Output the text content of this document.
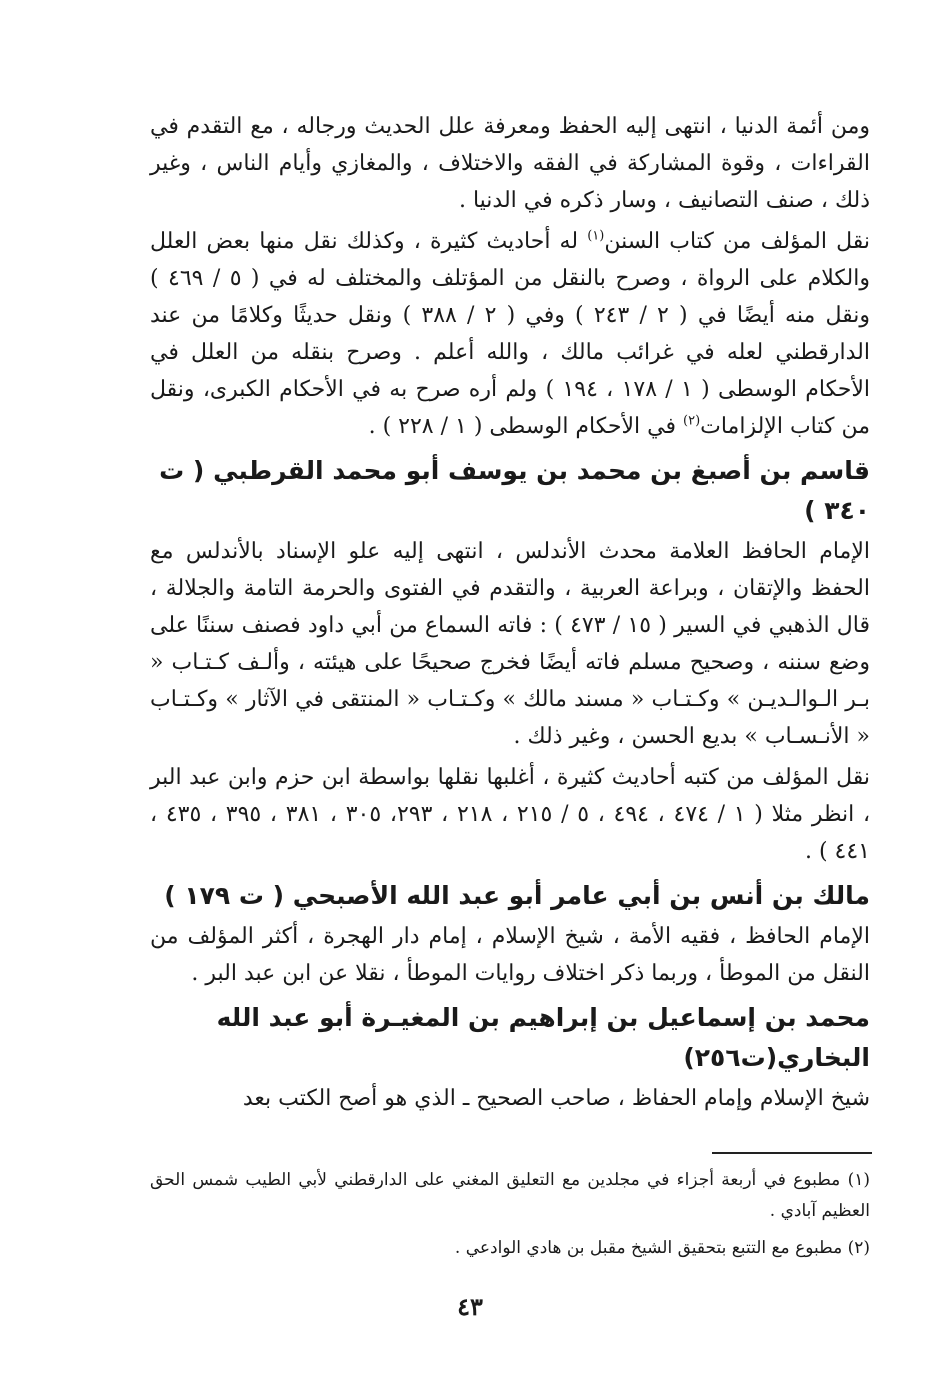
ومن أئمة الدنيا ، انتهى إليه الحفظ ومعرفة علل الحديث ورجاله ، مع التقدم في القراءات ، وقوة المشاركة في الفقه والاختلاف ، والمغازي وأيام الناس ، وغير ذلك ، صنف التصانيف ، وسار ذكره في الدنيا .

نقل المؤلف من كتاب السنن$^{(١)}$ له أحاديث كثيرة ، وكذلك نقل منها بعض العلل والكلام على الرواة ، وصرح بالنقل من المؤتلف والمختلف له في ( ٥ / ٤٦٩ ) ونقل منه أيضًا في ( ٢ / ٢٤٣ ) وفي ( ٢ / ٣٨٨ ) ونقل حديثًا وكلامًا من عند الدارقطني لعله في غرائب مالك ، والله أعلم . وصرح بنقله من العلل في الأحكام الوسطى ( ١ / ١٧٨ ، ١٩٤ ) ولم أره صرح به في الأحكام الكبرى، ونقل من كتاب الإلزامات$^{(٢)}$ في الأحكام الوسطى ( ١ / ٢٢٨ ) .

قاسم بن أصبغ بن محمد بن يوسف أبو محمد القرطبي ( ت ٣٤٠ )

الإمام الحافظ العلامة محدث الأندلس ، انتهى إليه علو الإسناد بالأندلس مع الحفظ والإتقان ، وبراعة العربية ، والتقدم في الفتوى والحرمة التامة والجلالة ، قال الذهبي في السير ( ١٥ / ٤٧٣ ) : فاته السماع من أبي داود فصنف سننًا على وضع سننه ، وصحيح مسلم فاته أيضًا فخرج صحيحًا على هيئته ، وألـف كـتـاب « بـر الـوالـديـن » وكـتـاب « مسند مالك » وكـتـاب « المنتقى في الآثار » وكـتـاب « الأنـسـاب » بديع الحسن ، وغير ذلك .

نقل المؤلف من كتبه أحاديث كثيرة ، أغلبها نقلها بواسطة ابن حزم وابن عبد البر ، انظر مثلا ( ١ / ٤٧٤ ، ٤٩٤ ، ٥ / ٢١٥ ، ٢١٨ ، ٢٩٣، ٣٠٥ ، ٣٨١ ، ٣٩٥ ، ٤٣٥ ، ٤٤١ ) .

مالك بن أنس بن أبي عامر أبو عبد الله الأصبحي ( ت ١٧٩ )

الإمام الحافظ ، فقيه الأمة ، شيخ الإسلام ، إمام دار الهجرة ، أكثر المؤلف من النقل من الموطأ ، وربما ذكر اختلاف روايات الموطأ ، نقلا عن ابن عبد البر .

محمد بن إسماعيل بن إبراهيم بن المغيـرة أبو عبد الله البخاري(ت٢٥٦)

شيخ الإسلام وإمام الحفاظ ، صاحب الصحيح ـ الذي هو أصح الكتب بعد

(١) مطبوع في أربعة أجزاء في مجلدين مع التعليق المغني على الدارقطني لأبي الطيب شمس الحق العظيم آبادي .

(٢) مطبوع مع التتبع بتحقيق الشيخ مقبل بن هادي الوادعي .

٤٣
